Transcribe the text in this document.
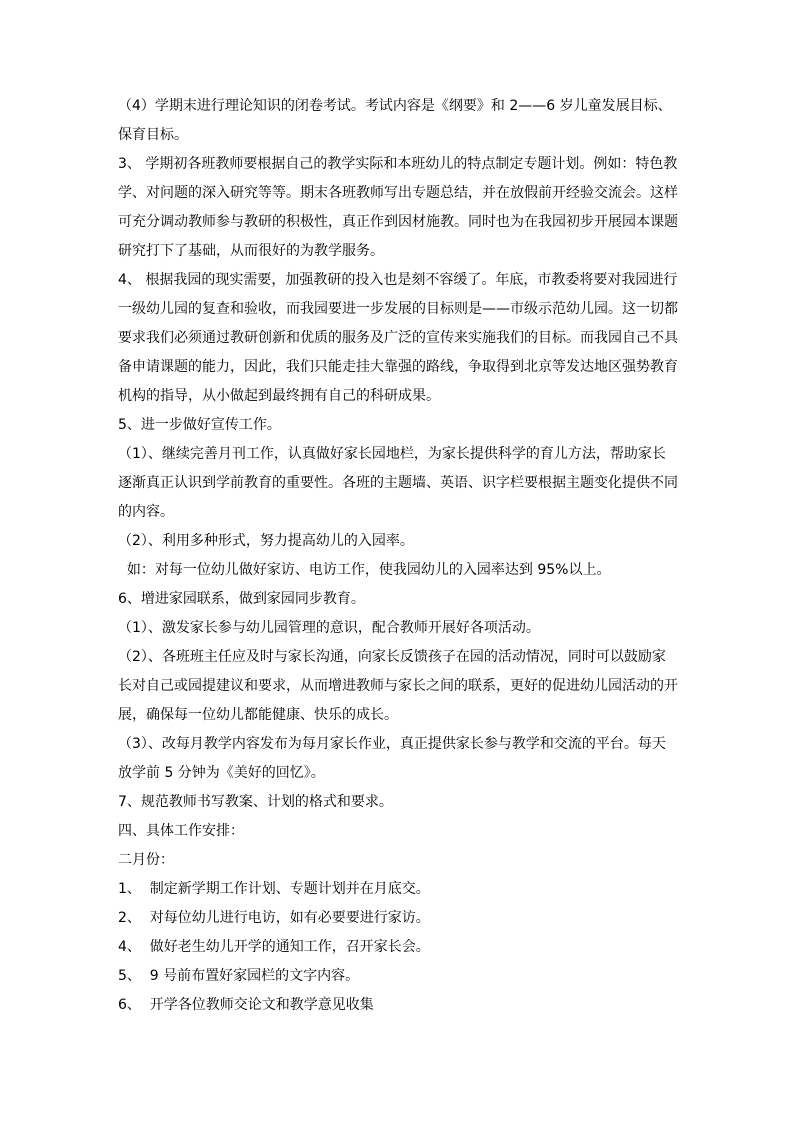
（4）学期末进行理论知识的闭卷考试。考试内容是《纲要》和 2——6 岁儿童发展目标、保育目标。

3、 学期初各班教师要根据自己的教学实际和本班幼儿的特点制定专题计划。例如：特色教学、对问题的深入研究等等。期末各班教师写出专题总结，并在放假前开经验交流会。这样可充分调动教师参与教研的积极性，真正作到因材施教。同时也为在我园初步开展园本课题研究打下了基础，从而很好的为教学服务。

4、 根据我园的现实需要，加强教研的投入也是刻不容缓了。年底，市教委将要对我园进行一级幼儿园的复查和验收，而我园要进一步发展的目标则是——市级示范幼儿园。这一切都要求我们必须通过教研创新和优质的服务及广泛的宣传来实施我们的目标。而我园自己不具备申请课题的能力，因此，我们只能走挂大靠强的路线，争取得到北京等发达地区强势教育机构的指导，从小做起到最终拥有自己的科研成果。

5、进一步做好宣传工作。

（1）、继续完善月刊工作，认真做好家长园地栏，为家长提供科学的育儿方法，帮助家长逐渐真正认识到学前教育的重要性。各班的主题墙、英语、识字栏要根据主题变化提供不同的内容。

（2）、利用多种形式，努力提高幼儿的入园率。

如：对每一位幼儿做好家访、电访工作，使我园幼儿的入园率达到 95%以上。

6、增进家园联系，做到家园同步教育。

（1）、激发家长参与幼儿园管理的意识，配合教师开展好各项活动。

（2）、各班班主任应及时与家长沟通，向家长反馈孩子在园的活动情况，同时可以鼓励家长对自己或园提建议和要求，从而增进教师与家长之间的联系，更好的促进幼儿园活动的开展，确保每一位幼儿都能健康、快乐的成长。

（3）、改每月教学内容发布为每月家长作业，真正提供家长参与教学和交流的平台。每天放学前 5 分钟为《美好的回忆》。

7、规范教师书写教案、计划的格式和要求。

四、具体工作安排：

二月份：

1、  制定新学期工作计划、专题计划并在月底交。

2、  对每位幼儿进行电访，如有必要要进行家访。

4、  做好老生幼儿开学的通知工作，召开家长会。

5、  9 号前布置好家园栏的文字内容。

6、  开学各位教师交论文和教学意见收集
